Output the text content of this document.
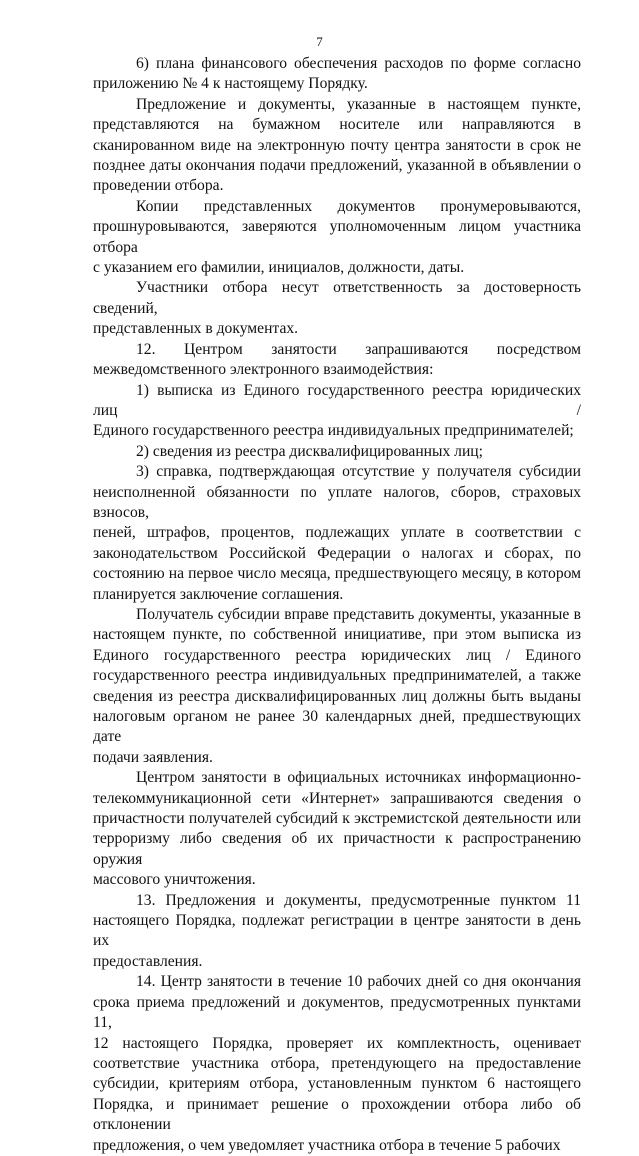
7

6) плана финансового обеспечения расходов по форме согласно
приложению № 4 к настоящему Порядку.

Предложение и документы, указанные в настоящем пункте,
представляются на бумажном носителе или направляются в
сканированном виде на электронную почту центра занятости в срок не
позднее даты окончания подачи предложений, указанной в объявлении о
проведении отбора.

Копии представленных документов пронумеровываются,
прошнуровываются, заверяются уполномоченным лицом участника отбора
с указанием его фамилии, инициалов, должности, даты.

Участники отбора несут ответственность за достоверность сведений,
представленных в документах.

12. Центром занятости запрашиваются посредством
межведомственного электронного взаимодействия:

1) выписка из Единого государственного реестра юридических лиц /
Единого государственного реестра индивидуальных предпринимателей;

2) сведения из реестра дисквалифицированных лиц;

3) справка, подтверждающая отсутствие у получателя субсидии
неисполненной обязанности по уплате налогов, сборов, страховых взносов,
пеней, штрафов, процентов, подлежащих уплате в соответствии с
законодательством Российской Федерации о налогах и сборах, по
состоянию на первое число месяца, предшествующего месяцу, в котором
планируется заключение соглашения.

Получатель субсидии вправе представить документы, указанные в
настоящем пункте, по собственной инициативе, при этом выписка из
Единого государственного реестра юридических лиц / Единого
государственного реестра индивидуальных предпринимателей, а также
сведения из реестра дисквалифицированных лиц должны быть выданы
налоговым органом не ранее 30 календарных дней, предшествующих дате
подачи заявления.

Центром занятости в официальных источниках информационно-
телекоммуникационной сети «Интернет» запрашиваются сведения о
причастности получателей субсидий к экстремистской деятельности или
терроризму либо сведения об их причастности к распространению оружия
массового уничтожения.

13. Предложения и документы, предусмотренные пунктом 11
настоящего Порядка, подлежат регистрации в центре занятости в день их
предоставления.

14. Центр занятости в течение 10 рабочих дней со дня окончания
срока приема предложений и документов, предусмотренных пунктами 11,
12 настоящего Порядка, проверяет их комплектность, оценивает
соответствие участника отбора, претендующего на предоставление
субсидии, критериям отбора, установленным пунктом 6 настоящего
Порядка, и принимает решение о прохождении отбора либо об отклонении
предложения, о чем уведомляет участника отбора в течение 5 рабочих
